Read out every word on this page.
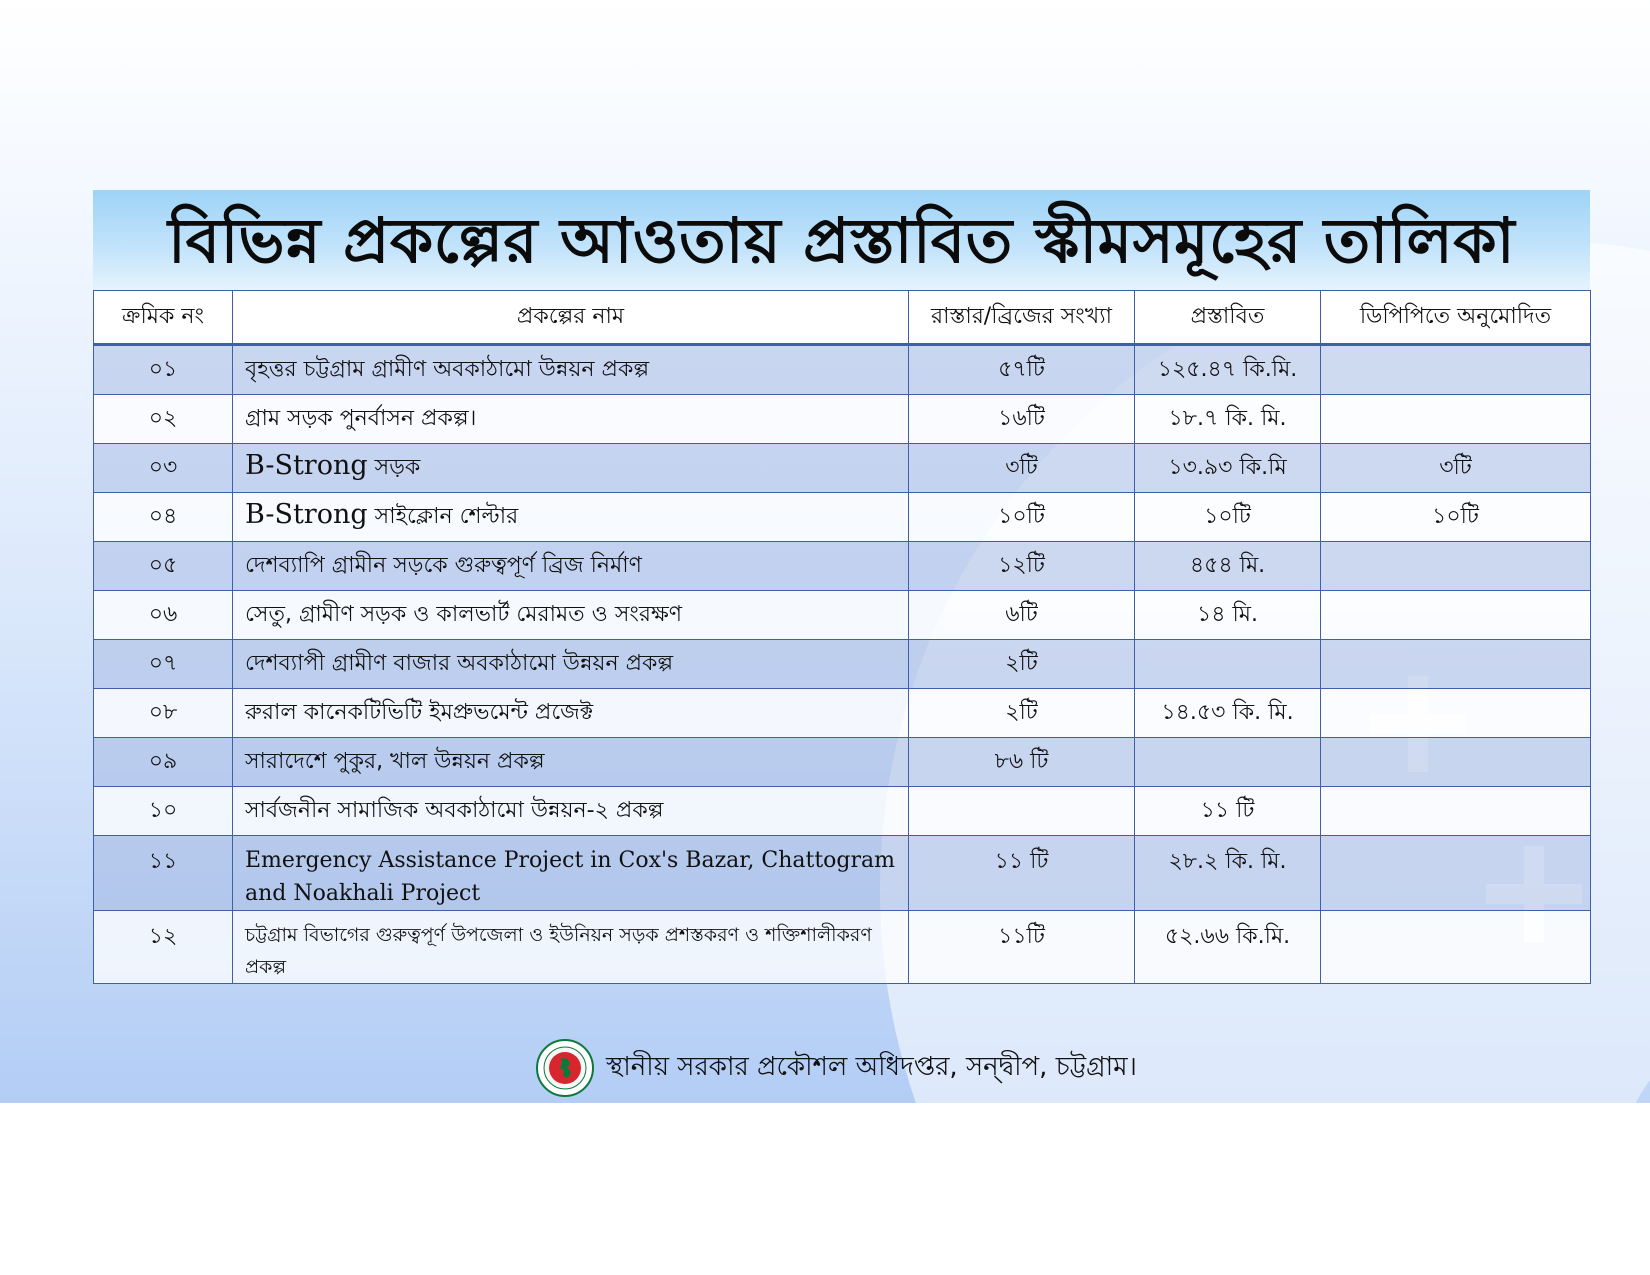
বিভিন্ন প্রকল্পের আওতায় প্রস্তাবিত স্কীমসমূহের তালিকা
ক্রমিক নং	প্রকল্পের নাম	রাস্তার/ব্রিজের সংখ্যা	প্রস্তাবিত	ডিপিপিতে অনুমোদিত
০১	বৃহত্তর চট্টগ্রাম গ্রামীণ অবকাঠামো উন্নয়ন প্রকল্প	৫৭টি	১২৫.৪৭ কি.মি.	
০২	গ্রাম সড়ক পুনর্বাসন প্রকল্প।	১৬টি	১৮.৭ কি. মি.	
০৩	B-Strong সড়ক	৩টি	১৩.৯৩ কি.মি	৩টি
০৪	B-Strong সাইক্লোন শেল্টার	১০টি	১০টি	১০টি
০৫	দেশব্যাপি গ্রামীন সড়কে গুরুত্বপূর্ণ ব্রিজ নির্মাণ	১২টি	৪৫৪ মি.	
০৬	সেতু, গ্রামীণ সড়ক ও কালভার্ট মেরামত ও সংরক্ষণ	৬টি	১৪ মি.	
০৭	দেশব্যাপী গ্রামীণ বাজার অবকাঠামো উন্নয়ন প্রকল্প	২টি		
০৮	রুরাল কানেকটিভিটি ইমপ্রুভমেন্ট প্রজেক্ট	২টি	১৪.৫৩ কি. মি.	
০৯	সারাদেশে পুকুর, খাল উন্নয়ন প্রকল্প	৮৬ টি		
১০	সার্বজনীন সামাজিক অবকাঠামো উন্নয়ন-২ প্রকল্প		১১ টি	
১১	Emergency Assistance Project in Cox's Bazar, Chattogram and Noakhali Project	১১ টি	২৮.২ কি. মি.	
১২	চট্টগ্রাম বিভাগের গুরুত্বপূর্ণ উপজেলা ও ইউনিয়ন সড়ক প্রশস্তকরণ ও শক্তিশালীকরণ প্রকল্প	১১টি	৫২.৬৬ কি.মি.	
স্থানীয় সরকার প্রকৌশল অধিদপ্তর, সন্দ্বীপ, চট্টগ্রাম।
